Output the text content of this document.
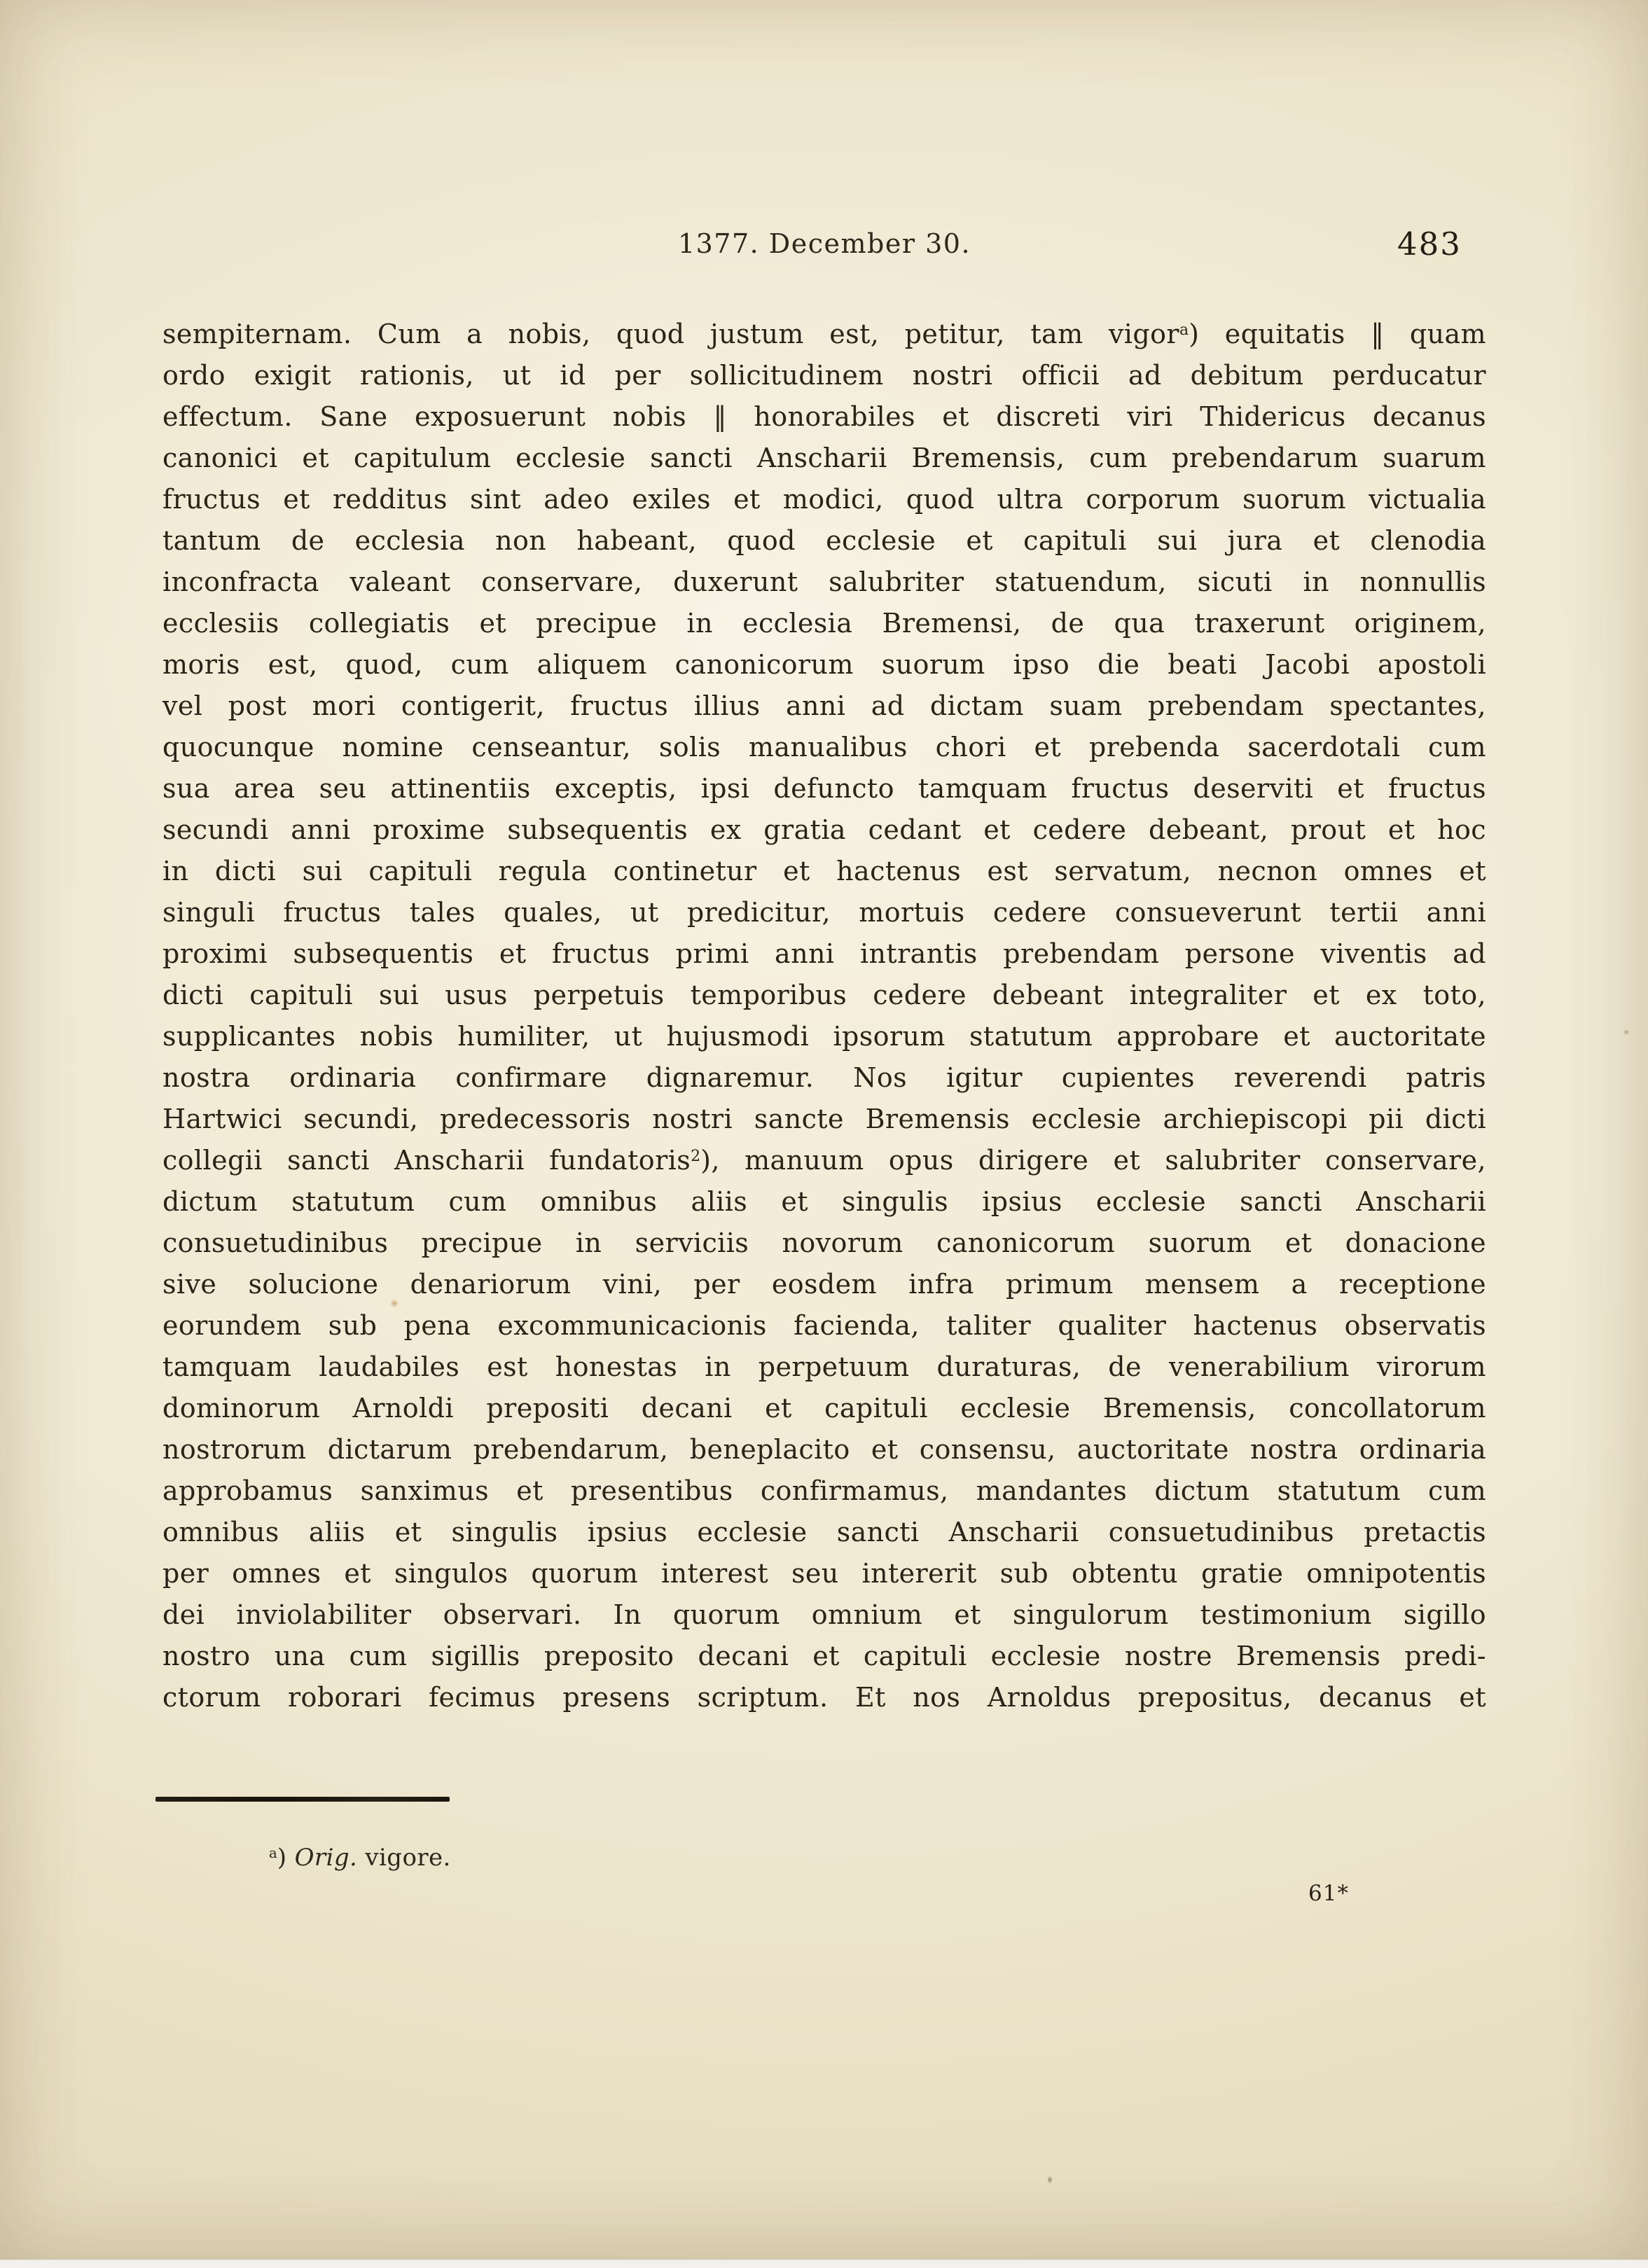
1377. December 30.	483

sempiternam. Cum a nobis, quod justum est, petitur, tam vigor$^a$) equitatis ‖ quam

ordo exigit rationis, ut id per sollicitudinem nostri officii ad debitum perducatur

effectum. Sane exposuerunt nobis ‖ honorabiles et discreti viri Thidericus decanus

canonici et capitulum ecclesie sancti Anscharii Bremensis, cum prebendarum suarum

fructus et redditus sint adeo exiles et modici, quod ultra corporum suorum victualia

tantum de ecclesia non habeant, quod ecclesie et capituli sui jura et clenodia

inconfracta valeant conservare, duxerunt salubriter statuendum, sicuti in nonnullis

ecclesiis collegiatis et precipue in ecclesia Bremensi, de qua traxerunt originem,

moris est, quod, cum aliquem canonicorum suorum ipso die beati Jacobi apostoli

vel post mori contigerit, fructus illius anni ad dictam suam prebendam spectantes,

quocunque nomine censeantur, solis manualibus chori et prebenda sacerdotali cum

sua area seu attinentiis exceptis, ipsi defuncto tamquam fructus deserviti et fructus

secundi anni proxime subsequentis ex gratia cedant et cedere debeant, prout et hoc

in dicti sui capituli regula continetur et hactenus est servatum, necnon omnes et

singuli fructus tales quales, ut predicitur, mortuis cedere consueverunt tertii anni

proximi subsequentis et fructus primi anni intrantis prebendam persone viventis ad

dicti capituli sui usus perpetuis temporibus cedere debeant integraliter et ex toto,

supplicantes nobis humiliter, ut hujusmodi ipsorum statutum approbare et auctoritate

nostra ordinaria confirmare dignaremur. Nos igitur cupientes reverendi patris

Hartwici secundi, predecessoris nostri sancte Bremensis ecclesie archiepiscopi pii dicti

collegii sancti Anscharii fundatoris$^2$), manuum opus dirigere et salubriter conservare,

dictum statutum cum omnibus aliis et singulis ipsius ecclesie sancti Anscharii

consuetudinibus precipue in serviciis novorum canonicorum suorum et donacione

sive solucione denariorum vini, per eosdem infra primum mensem a receptione

eorundem sub pena excommunicacionis facienda, taliter qualiter hactenus observatis

tamquam laudabiles est honestas in perpetuum duraturas, de venerabilium virorum

dominorum Arnoldi prepositi decani et capituli ecclesie Bremensis, concollatorum

nostrorum dictarum prebendarum, beneplacito et consensu, auctoritate nostra ordinaria

approbamus sanximus et presentibus confirmamus, mandantes dictum statutum cum

omnibus aliis et singulis ipsius ecclesie sancti Anscharii consuetudinibus pretactis

per omnes et singulos quorum interest seu intererit sub obtentu gratie omnipotentis

dei inviolabiliter observari. In quorum omnium et singulorum testimonium sigillo

nostro una cum sigillis preposito decani et capituli ecclesie nostre Bremensis predi-

ctorum roborari fecimus presens scriptum. Et nos Arnoldus prepositus, decanus et

$^a$) Orig. vigore.

61*
